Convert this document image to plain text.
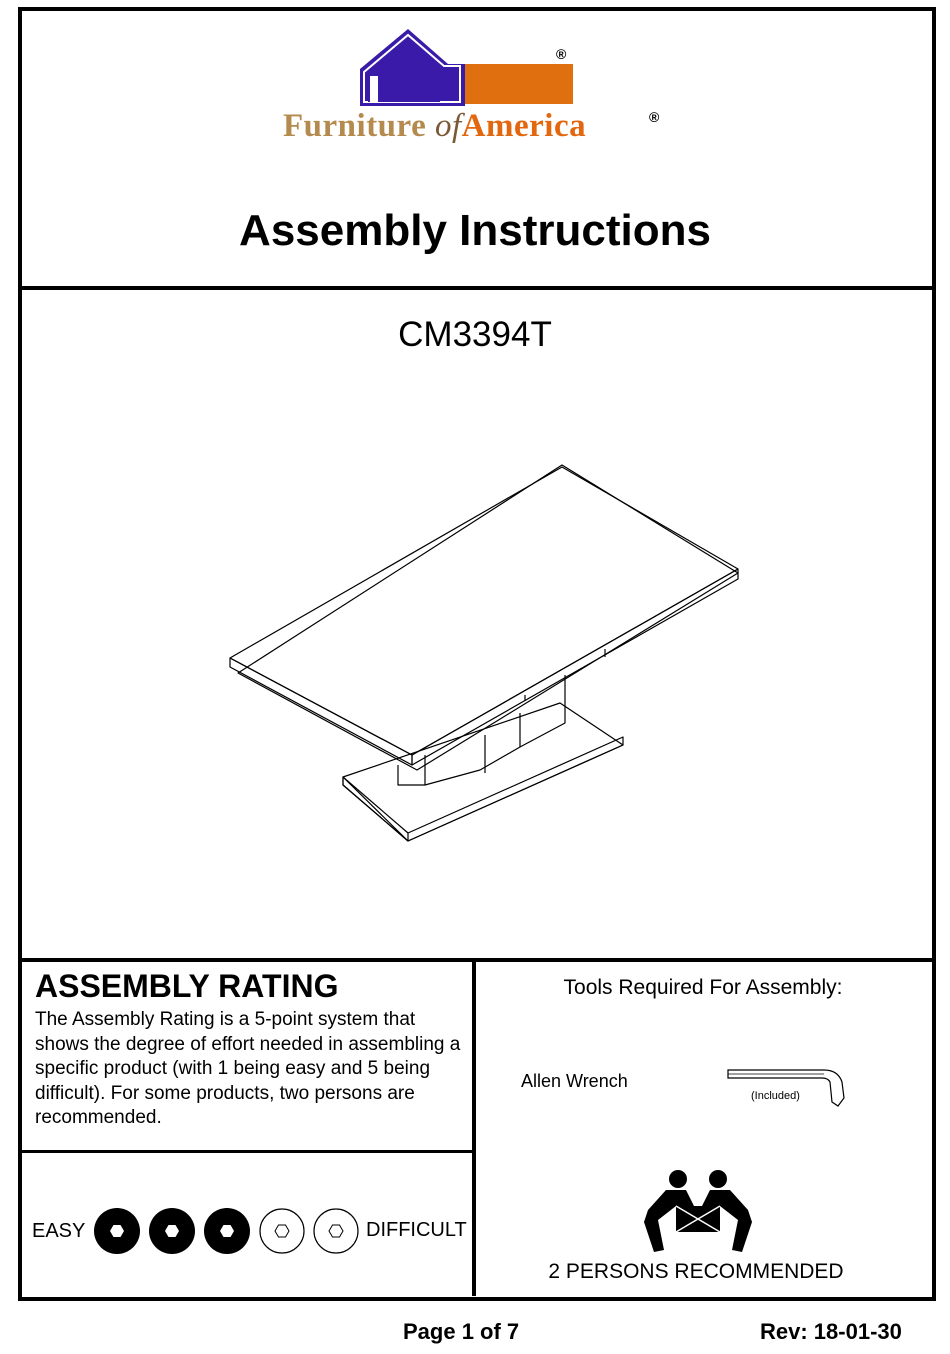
®
Furniture ofAmerica	®
Assembly Instructions
CM3394T
ASSEMBLY RATING
The Assembly Rating is a 5-point system that shows the degree of effort needed in assembling a specific product (with 1 being easy and 5 being difficult). For some products, two persons are recommended.
EASY	DIFFICULT
Tools Required For Assembly:
Allen Wrench
(Included)
2 PERSONS RECOMMENDED
Page 1 of 7	Rev: 18-01-30
